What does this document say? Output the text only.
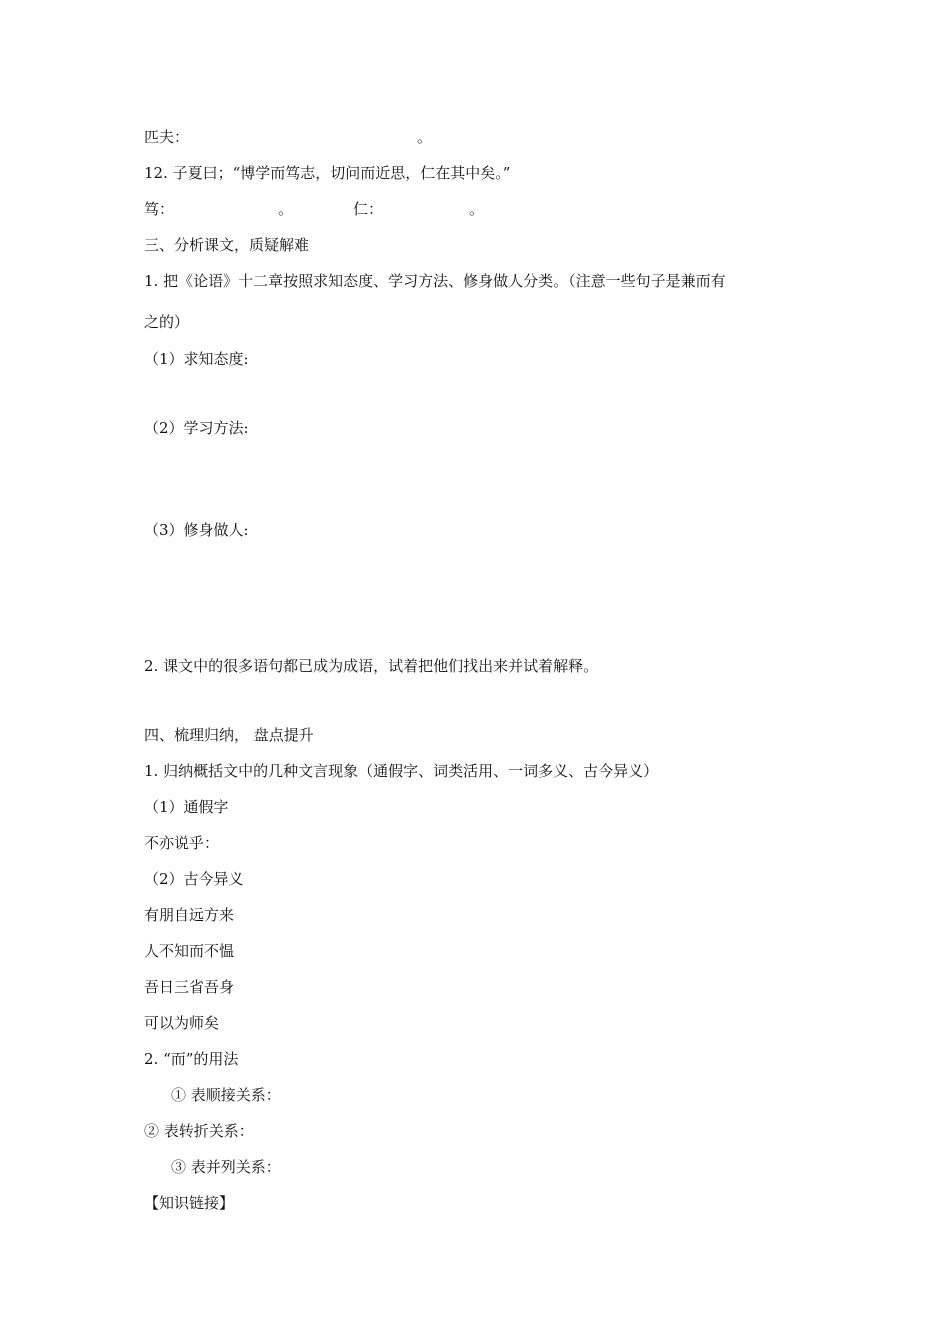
匹夫：	。
12. 子夏曰；“博学而笃志，切问而近思，仁在其中矣。”
笃：	。	仁：	。
三、分析课文，质疑解难
1. 把《论语》十二章按照求知态度、学习方法、修身做人分类。（注意一些句子是兼而有
之的）
（1）求知态度:
（2）学习方法:
（3）修身做人:
2. 课文中的很多语句都已成为成语，试着把他们找出来并试着解释。
四、梳理归纳， 盘点提升
1. 归纳概括文中的几种文言现象（通假字、词类活用、一词多义、古今异义）
（1）通假字
不亦说乎：
（2）古今异义
有朋自远方来
人不知而不愠
吾日三省吾身
可以为师矣
2. “而”的用法
① 表顺接关系：
② 表转折关系：
③ 表并列关系：
【知识链接】
